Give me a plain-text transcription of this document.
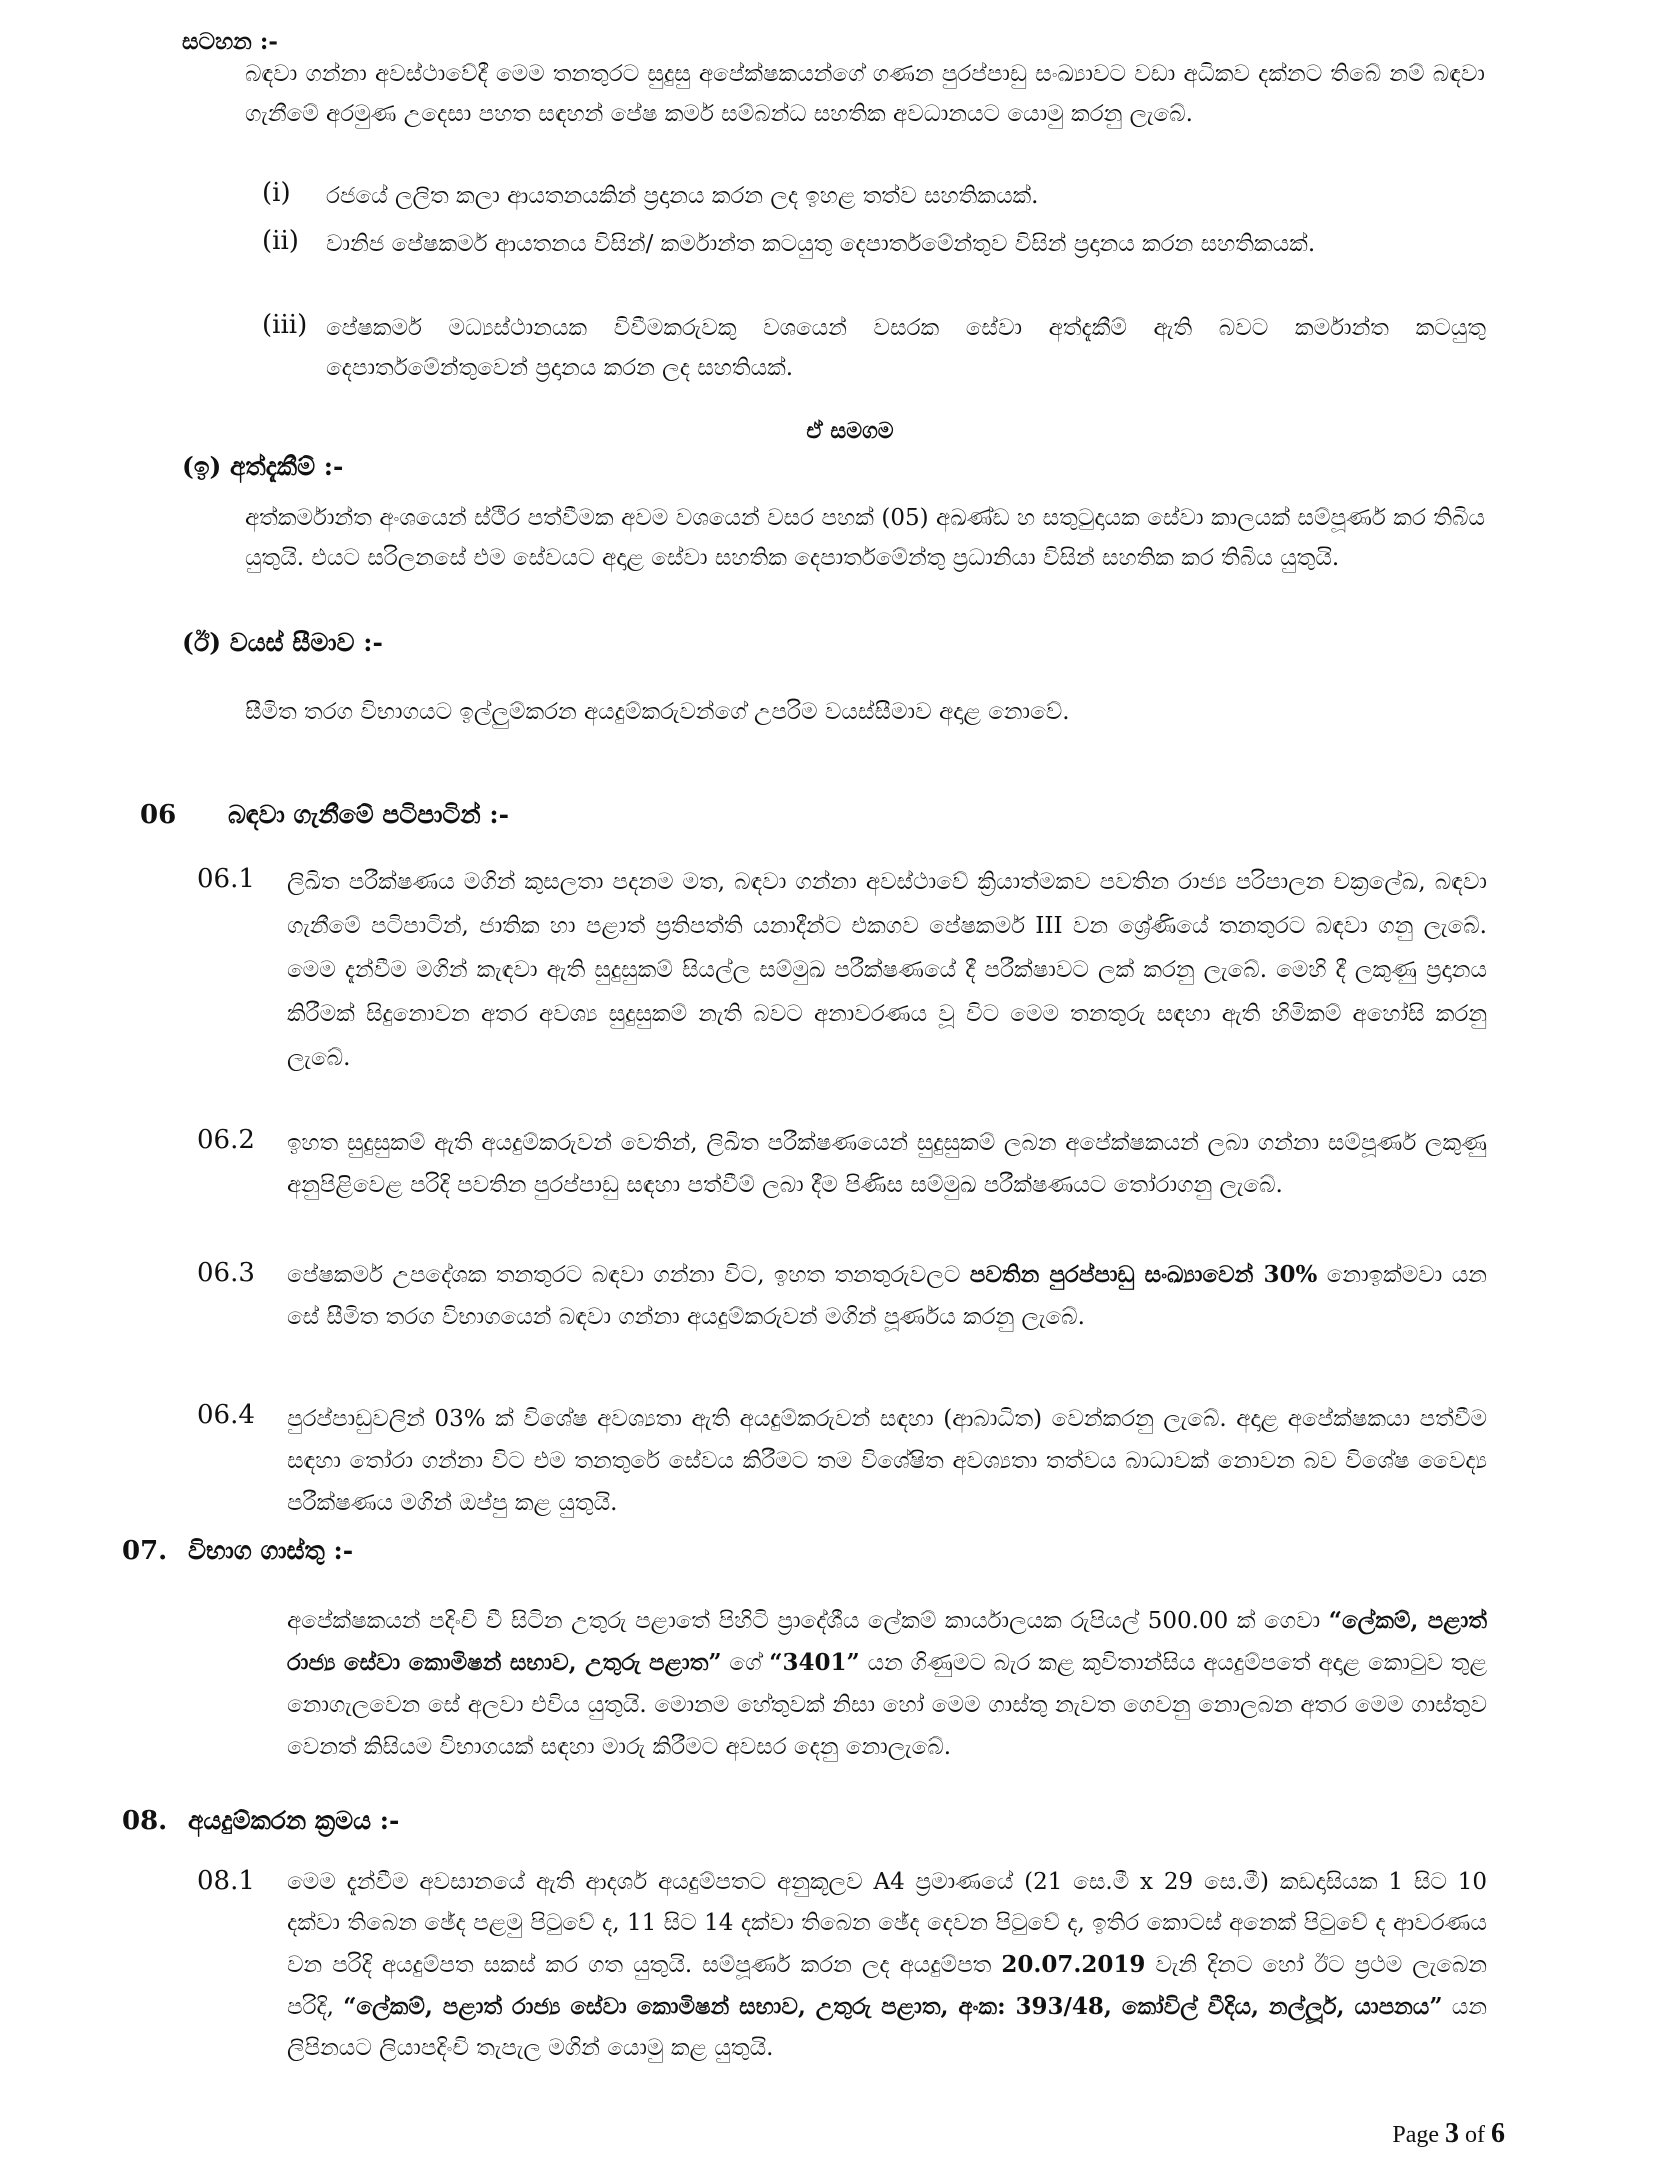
සටහන :-
බඳවා ගන්නා අවස්ථාවේදී මෙම තනතුරට සුදුසු අපේක්ෂකයන්ගේ ගණන පුරප්පාඩු සංඛ්‍යාවට වඩා අධිකව දක්නට තිබේ නම් බඳවා ගැනීමේ අරමුණ උදෙසා පහත සඳහන් පේෂ කර්ම සම්බන්ධ සහතික අවධානයට යොමු කරනු ලැබේ.
(i) රජයේ ලලිත කලා ආයතනයකින් ප්‍රදානය කරන ලද ඉහළ තත්ව සහතිකයක්.
(ii) වානිජ පේෂකර්ම ආයතනය විසින්/ කර්මාන්ත කටයුතු දෙපාර්තමේන්තුව විසින් ප්‍රදානය කරන සහතිකයක්.
(iii) පේෂකර්ම මධ්‍යස්ථානයක විවීමකරුවකු වශයෙන් වසරක සේවා අත්දැකීම් ඇති බවට කර්මාන්ත කටයුතු දෙපාර්තමේන්තුවෙන් ප්‍රදානය කරන ලද සහතියක්.
ඒ සමගම
(ඉ) අත්දැකීම් :-
අත්කර්මාන්ත අංශයෙන් ස්ථිර පත්වීමක අවම වශයෙන් වසර පහක් (05) අඛණ්ඩ හ සතුටුදායක සේවා කාලයක් සම්පූර්ණ කර තිබිය යුතුයි. එයට සරිලනසේ එම සේවයට අදාළ සේවා සහතික දෙපාර්තමේන්තු ප්‍රධානියා විසින් සහතික කර තිබිය යුතුයි.
(ඊ) වයස් සීමාව :-
සීමිත තරග විභාගයට ඉල්ලුම්කරන අයදුම්කරුවන්ගේ උපරිම වයස්සීමාව අදාළ නොවේ.
06 බඳවා ගැනීමේ පටිපාටින් :-
06.1 ලිඛිත පරීක්ෂණය මගින් කුසලතා පදනම මත, බඳවා ගන්නා අවස්ථාවේ ක්‍රියාත්මකව පවතින රාජ්‍ය පරිපාලන චක්‍රලේඛ, බඳවා ගැනීමේ පටිපාටින්, ජාතික හා පළාත් ප්‍රතිපත්ති යනාදීන්ට එකගව පේෂකර්ම III වන ශ්‍රේණියේ තනතුරට බඳවා ගනු ලැබේ. මෙම දැන්වීම මගින් කැඳවා ඇති සුදුසුකම් සියල්ල සම්මුඛ පරීක්ෂණයේ දී පරීක්ෂාවට ලක් කරනු ලැබේ. මෙහි දී ලකුණු ප්‍රදානය කිරීමක් සිදුනොවන අතර අවශ්‍ය සුදුසුකම් නැති බවට අනාවරණය වූ විට මෙම තනතුරු සඳහා ඇති හිමිකම් අහෝසි කරනු ලැබේ.
06.2 ඉහත සුදුසුකම් ඇති අයදුම්කරුවන් වෙතින්, ලිඛිත පරීක්ෂණයෙන් සුදුසුකම් ලබන අපේක්ෂකයන් ලබා ගන්නා සම්පූර්ණ ලකුණු අනුපිළිවෙළ පරිදි පවතින පුරප්පාඩු සඳහා පත්වීම් ලබා දීම පිණිස සම්මුඛ පරීක්ෂණයට තෝරාගනු ලැබේ.
06.3 පේෂකර්ම උපදේශක තනතුරට බඳවා ගන්නා විට, ඉහත තනතුරුවලට පවතින පුරප්පාඩු සංඛ්‍යාවෙන් 30% නොඉක්මවා යන සේ සීමිත තරග විභාගයෙන් බඳවා ගන්නා අයදුම්කරුවන් මගින් පූර්ණය කරනු ලැබේ.
06.4 පුරප්පාඩුවලින් 03% ක් විශේෂ අවශ්‍යතා ඇති අයදුම්කරුවන් සඳහා (ආබාධිත) වෙන්කරනු ලැබේ. අදාළ අපේක්ෂකයා පත්වීම සඳහා තෝරා ගන්නා විට එම තනතුරේ සේවය කිරීමට තම විශේෂිත අවශ්‍යතා තත්වය බාධාවක් නොවන බව විශේෂ වෛද්‍ය පරීක්ෂණය මගින් ඔප්පු කළ යුතුයි.
07. විභාග ගාස්තු :-
අපේක්ෂකයන් පදිංචි වී සිටින උතුරු පළාතේ පිහිටි ප්‍රාදේශීය ලේකම් කාර්යාලයක රුපියල් 500.00 ක් ගෙවා “ලේකම්, පළාත් රාජ්‍ය සේවා කොමිෂන් සභාව, උතුරු පළාත” ගේ “3401” යන ගිණුමට බැර කළ කුවිතාන්සිය අයදුම්පතේ අදාළ කොටුව තුළ නොගැලවෙන සේ අලවා එවිය යුතුයි. මොනම හේතුවක් නිසා හෝ මෙම ගාස්තු නැවත ගෙවනු නොලබන අතර මෙම ගාස්තුව වෙනත් කිසියම විභාගයක් සඳහා මාරු කිරීමට අවසර දෙනු නොලැබේ.
08. අයදුම්කරන ක්‍රමය :-
08.1 මෙම දැන්වීම අවසානයේ ඇති ආදර්ශ අයදුම්පතට අනුකූලව A4 ප්‍රමාණයේ (21 සෙ.මී x 29 සෙ.මී) කඩදාසියක 1 සිට 10 දක්වා තිබෙන ඡේද පළමු පිටුවේ ද, 11 සිට 14 දක්වා තිබෙන ඡේද දෙවන පිටුවේ ද, ඉතිර කොටස් අනෙක් පිටුවේ ද ආවරණය වන පරිදි අයදුම්පත සකස් කර ගත යුතුයි. සම්පූර්ණ කරන ලද අයදුම්පත 20.07.2019 වැනි දිනට හෝ ඊට ප්‍රථම ලැබෙන පරිදි, “ලේකම්, පළාත් රාජ්‍ය සේවා කොමිෂන් සභාව, උතුරු පළාත, අංක: 393/48, කෝවිල් වීදිය, නල්ලූර්, යාපනය” යන ලිපිනයට ලියාපදිංචි තැපැල මගින් යොමු කළ යුතුයි.
Page 3 of 6
